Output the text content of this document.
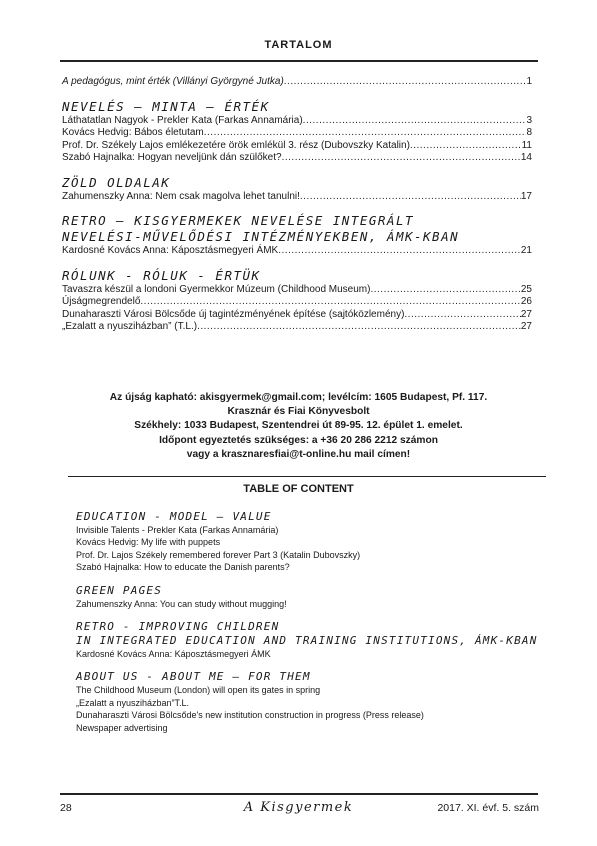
TARTALOM
A pedagógus, mint érték (Villányi Györgyné Jutka) .....	1
NEVELÉS – MINTA – ÉRTÉK
Láthatatlan Nagyok - Prekler Kata (Farkas Annamária) .....	3
Kovács Hedvig: Bábos életutam .....	8
Prof. Dr. Székely Lajos emlékezetére örök emlékül 3. rész (Dubovszky Katalin) .....	11
Szabó Hajnalka: Hogyan neveljünk dán szülőket? .....	14
ZÖLD OLDALAK
Zahumenszky Anna: Nem csak magolva lehet tanulni! .....	17
RETRO – KISGYERMEKEK NEVELÉSE INTEGRÁLT
NEVELÉSI-MŰVELŐDÉSI INTÉZMÉNYEKBEN, ÁMK-KBAN
Kardosné Kovács Anna: Káposztásmegyeri ÁMK .....	21
RÓLUNK - RÓLUK - ÉRTÜK
Tavaszra készül a londoni Gyermekkor Múzeum (Childhood Museum) .....	25
Újságmegrendelő .....	26
Dunaharaszti Városi Bölcsőde új tagintézményének építése (sajtóközlemény) .....	27
„Ezalatt a nyusziházban” (T.L.) .....	27
Az újság kapható: akisgyermek@gmail.com; levélcím: 1605 Budapest, Pf. 117.
Krasznár és Fiai Könyvesbolt
Székhely: 1033 Budapest, Szentendrei út 89-95. 12. épület 1. emelet.
Időpont egyeztetés szükséges: a +36 20 286 2212 számon
vagy a krasznaresfiai@t-online.hu mail címen!
TABLE OF CONTENT
EDUCATION - MODEL – VALUE
Invisible Talents - Prekler Kata (Farkas Annamária)
Kovács Hedvig: My life with puppets
Prof. Dr. Lajos Székely remembered forever Part 3 (Katalin Dubovszky)
Szabó Hajnalka: How to educate the Danish parents?
GREEN PAGES
Zahumenszky Anna: You can study without mugging!
RETRO - IMPROVING CHILDREN
IN INTEGRATED EDUCATION AND TRAINING INSTITUTIONS, ÁMK-KBAN
Kardosné Kovács Anna: Káposztásmegyeri ÁMK
ABOUT US - ABOUT ME – FOR THEM
The Childhood Museum (London) will open its gates in spring
„Ezalatt a nyusziházban”T.L.
Dunaharaszti Városi Bölcsőde's new institution construction in progress (Press release)
Newspaper advertising
28	A Kisgyermek	2017. XI. évf. 5. szám
